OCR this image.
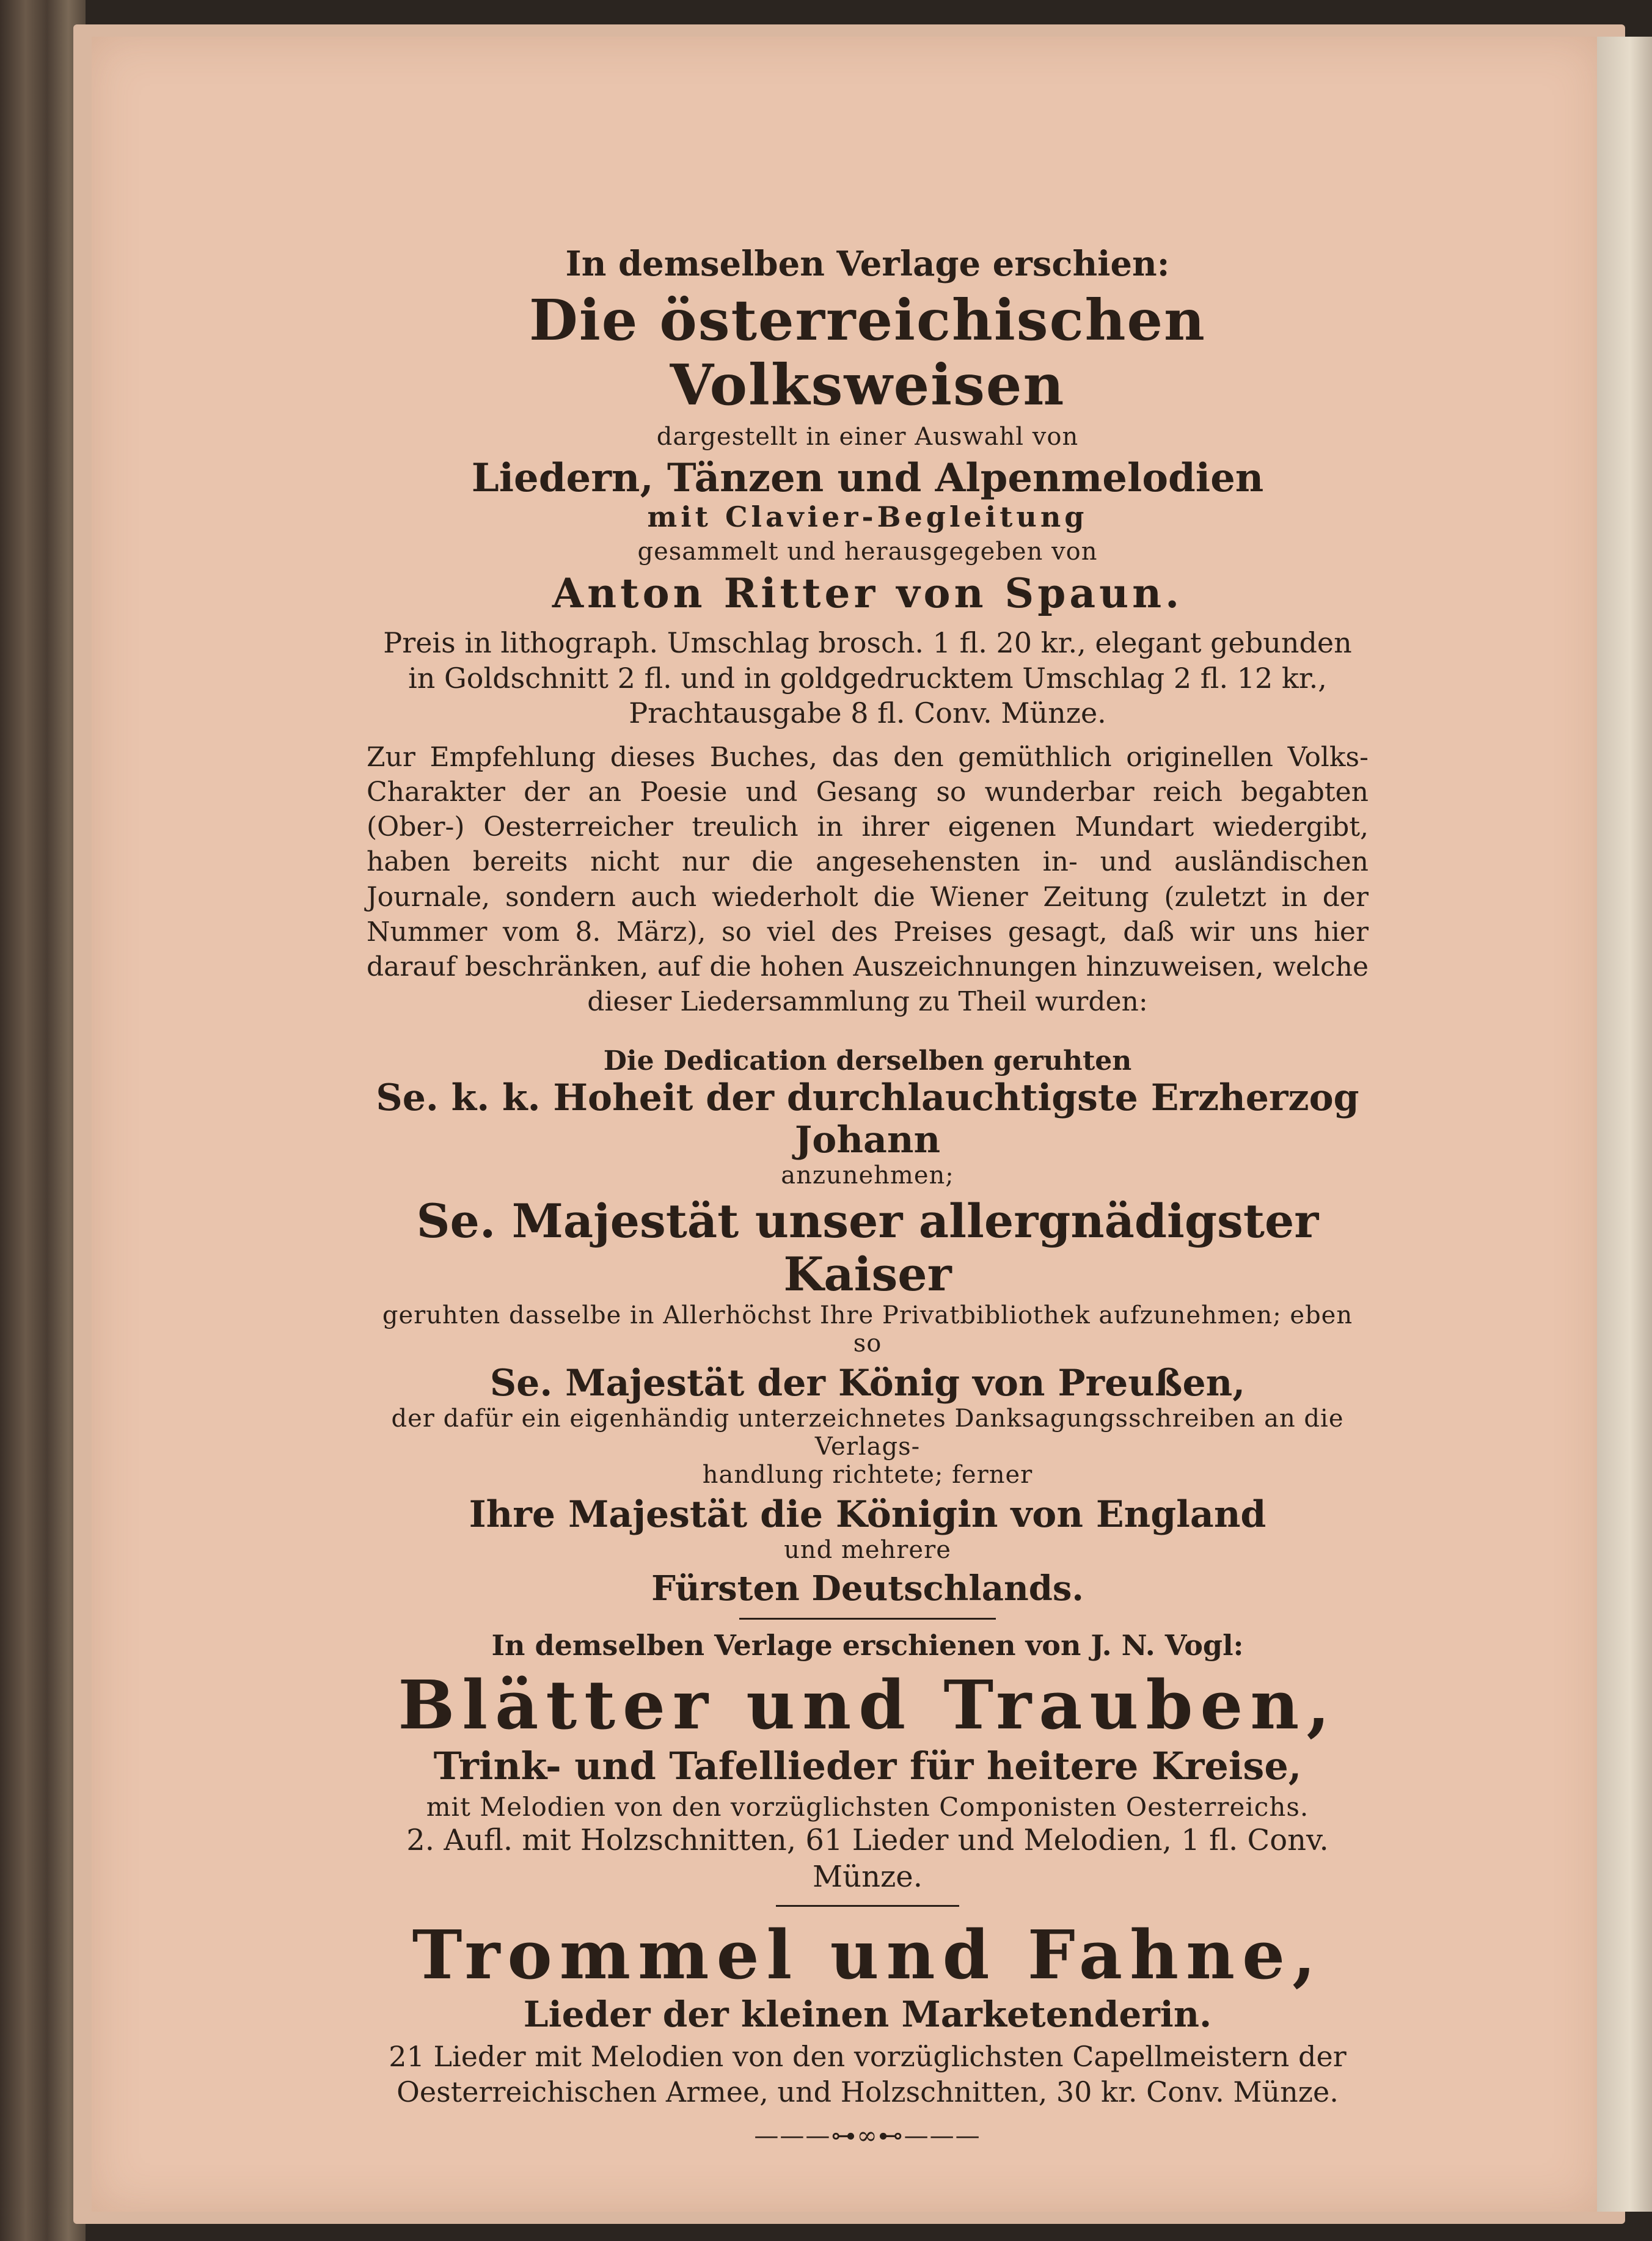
In demselben Verlage erschien:

Die österreichischen Volksweisen

dargestellt in einer Auswahl von

Liedern, Tänzen und Alpenmelodien

mit Clavier-Begleitung

gesammelt und herausgegeben von

Anton Ritter von Spaun.

Preis in lithograph. Umschlag brosch. 1 fl. 20 kr., elegant gebunden

in Goldschnitt 2 fl. und in goldgedrucktem Umschlag 2 fl. 12 kr.,

Prachtausgabe 8 fl. Conv. Münze.

Zur Empfehlung dieses Buches, das den gemüthlich originellen Volks-Charakter der an Poesie und Gesang so wunderbar reich begabten (Ober-) Oesterreicher treulich in ihrer eigenen Mundart wiedergibt, haben bereits nicht nur die angesehensten in- und ausländischen Journale, sondern auch wiederholt die Wiener Zeitung (zuletzt in der Nummer vom 8. März), so viel des Preises gesagt, daß wir uns hier darauf beschränken, auf die hohen Auszeichnungen hinzuweisen, welche dieser Liedersammlung zu Theil wurden:

Die Dedication derselben geruhten

Se. k. k. Hoheit der durchlauchtigste Erzherzog Johann

anzunehmen;

Se. Majestät unser allergnädigster Kaiser

geruhten dasselbe in Allerhöchst Ihre Privatbibliothek aufzunehmen; eben so

Se. Majestät der König von Preußen,

der dafür ein eigenhändig unterzeichnetes Danksagungsschreiben an die Verlags-

handlung richtete; ferner

Ihre Majestät die Königin von England

und mehrere

Fürsten Deutschlands.

In demselben Verlage erschienen von J. N. Vogl:

Blätter und Trauben,

Trink- und Tafellieder für heitere Kreise,

mit Melodien von den vorzüglichsten Componisten Oesterreichs.

2. Aufl. mit Holzschnitten, 61 Lieder und Melodien, 1 fl. Conv. Münze.

Trommel und Fahne,

Lieder der kleinen Marketenderin.

21 Lieder mit Melodien von den vorzüglichsten Capellmeistern der

Oesterreichischen Armee, und Holzschnitten, 30 kr. Conv. Münze.

———⊶∞⊷———
